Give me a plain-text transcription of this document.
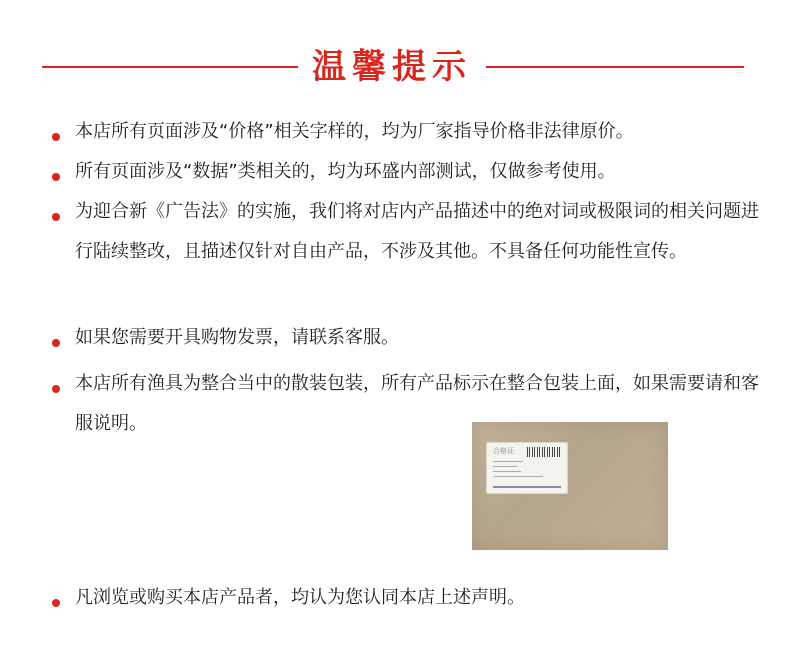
温馨提示
本店所有页面涉及“价格”相关字样的，均为厂家指导价格非法律原价。
所有页面涉及“数据”类相关的，均为环盛内部测试，仅做参考使用。
为迎合新《广告法》的实施，我们将对店内产品描述中的绝对词或极限词的相关问题进行陆续整改，且描述仅针对自由产品，不涉及其他。不具备任何功能性宣传。
如果您需要开具购物发票，请联系客服。
本店所有渔具为整合当中的散装包装，所有产品标示在整合包装上面，如果需要请和客服说明。
合格证
凡浏览或购买本店产品者，均认为您认同本店上述声明。
